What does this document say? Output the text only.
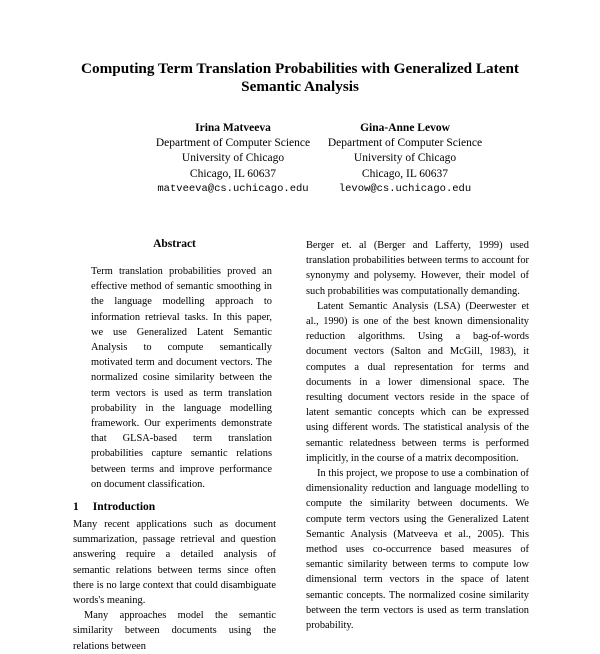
Computing Term Translation Probabilities with Generalized Latent
Semantic Analysis
Irina Matveeva
Department of Computer Science
University of Chicago
Chicago, IL 60637
matveeva@cs.uchicago.edu
Gina-Anne Levow
Department of Computer Science
University of Chicago
Chicago, IL 60637
levow@cs.uchicago.edu
Abstract
Term translation probabilities proved an effective method of semantic smoothing in the language modelling approach to information retrieval tasks. In this paper, we use Generalized Latent Semantic Analysis to compute semantically motivated term and document vectors. The normalized cosine similarity between the term vectors is used as term translation probability in the language modelling framework. Our experiments demonstrate that GLSA-based term translation probabilities capture semantic relations between terms and improve performance on document classification.
1 Introduction

Many recent applications such as document summarization, passage retrieval and question answering require a detailed analysis of semantic relations between terms since often there is no large context that could disambiguate words's meaning.

Many approaches model the semantic similarity between documents using the relations between

Berger et. al (Berger and Lafferty, 1999) used translation probabilities between terms to account for synonymy and polysemy. However, their model of such probabilities was computationally demanding.

Latent Semantic Analysis (LSA) (Deerwester et al., 1990) is one of the best known dimensionality reduction algorithms. Using a bag-of-words document vectors (Salton and McGill, 1983), it computes a dual representation for terms and documents in a lower dimensional space. The resulting document vectors reside in the space of latent semantic concepts which can be expressed using different words. The statistical analysis of the semantic relatedness between terms is performed implicitly, in the course of a matrix decomposition.

In this project, we propose to use a combination of dimensionality reduction and language modelling to compute the similarity between documents. We compute term vectors using the Generalized Latent Semantic Analysis (Matveeva et al., 2005). This method uses co-occurrence based measures of semantic similarity between terms to compute low dimensional term vectors in the space of latent semantic concepts. The normalized cosine similarity between the term vectors is used as term translation probability.
